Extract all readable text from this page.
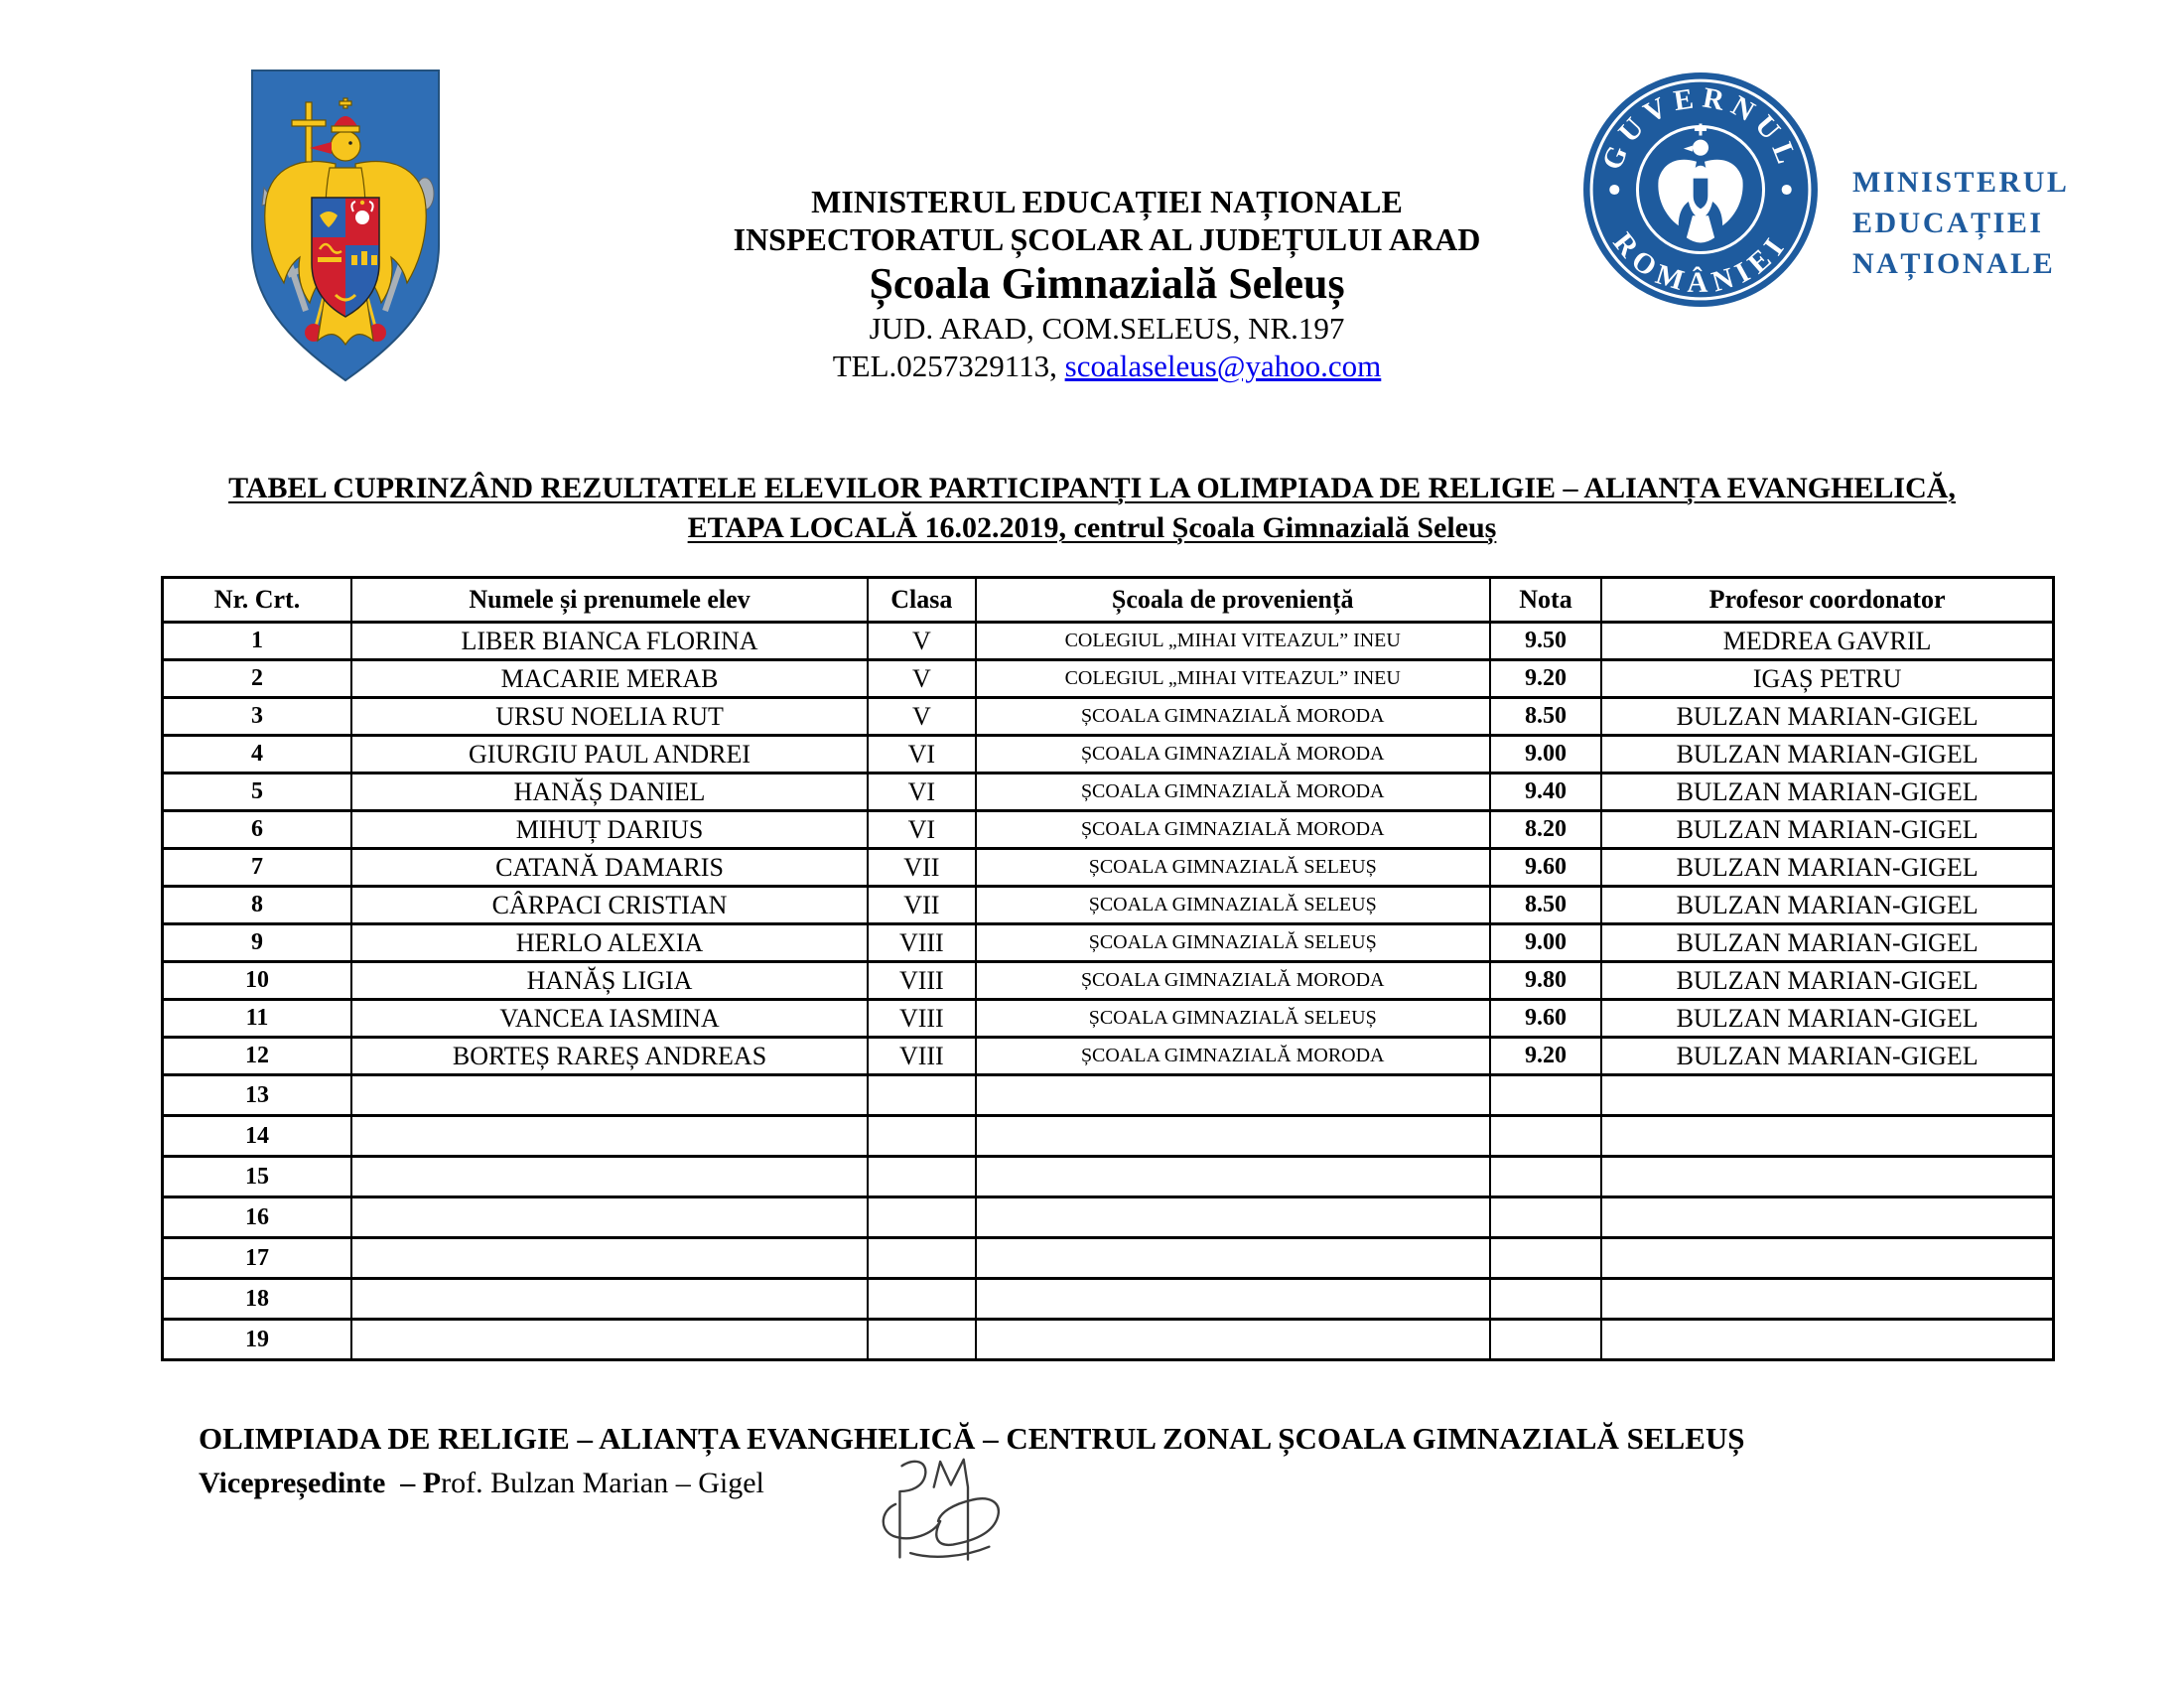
MINISTERUL EDUCAȚIEI NAȚIONALE
INSPECTORATUL ȘCOLAR AL JUDEȚULUI ARAD
Școala Gimnazială Seleuș
JUD. ARAD, COM.SELEUS, NR.197
TEL.0257329113, scoalaseleus@yahoo.com
GUVERNUL
ROMÂNIEI
MINISTERUL
EDUCAȚIEI
NAȚIONALE
TABEL CUPRINZÂND REZULTATELE ELEVILOR PARTICIPANȚI LA OLIMPIADA DE RELIGIE – ALIANȚA EVANGHELICĂ,
ETAPA LOCALĂ 16.02.2019, centrul Școala Gimnazială Seleuș
Nr. Crt.	Numele și prenumele elev	Clasa	Școala de proveniență	Nota	Profesor coordonator
1	LIBER BIANCA FLORINA	V	COLEGIUL „MIHAI VITEAZUL” INEU	9.50	MEDREA GAVRIL
2	MACARIE MERAB	V	COLEGIUL „MIHAI VITEAZUL” INEU	9.20	IGAȘ PETRU
3	URSU NOELIA RUT	V	ȘCOALA GIMNAZIALĂ MORODA	8.50	BULZAN MARIAN-GIGEL
4	GIURGIU PAUL ANDREI	VI	ȘCOALA GIMNAZIALĂ MORODA	9.00	BULZAN MARIAN-GIGEL
5	HANĂȘ DANIEL	VI	ȘCOALA GIMNAZIALĂ MORODA	9.40	BULZAN MARIAN-GIGEL
6	MIHUȚ DARIUS	VI	ȘCOALA GIMNAZIALĂ MORODA	8.20	BULZAN MARIAN-GIGEL
7	CATANĂ DAMARIS	VII	ȘCOALA GIMNAZIALĂ SELEUȘ	9.60	BULZAN MARIAN-GIGEL
8	CÂRPACI CRISTIAN	VII	ȘCOALA GIMNAZIALĂ SELEUȘ	8.50	BULZAN MARIAN-GIGEL
9	HERLO ALEXIA	VIII	ȘCOALA GIMNAZIALĂ SELEUȘ	9.00	BULZAN MARIAN-GIGEL
10	HANĂȘ LIGIA	VIII	ȘCOALA GIMNAZIALĂ MORODA	9.80	BULZAN MARIAN-GIGEL
11	VANCEA IASMINA	VIII	ȘCOALA GIMNAZIALĂ SELEUȘ	9.60	BULZAN MARIAN-GIGEL
12	BORTEȘ RAREȘ ANDREAS	VIII	ȘCOALA GIMNAZIALĂ MORODA	9.20	BULZAN MARIAN-GIGEL
13					
14					
15					
16					
17					
18					
19					
OLIMPIADA DE RELIGIE – ALIANȚA EVANGHELICĂ – CENTRUL ZONAL ȘCOALA GIMNAZIALĂ SELEUȘ
Vicepreședinte  – Prof. Bulzan Marian – Gigel
